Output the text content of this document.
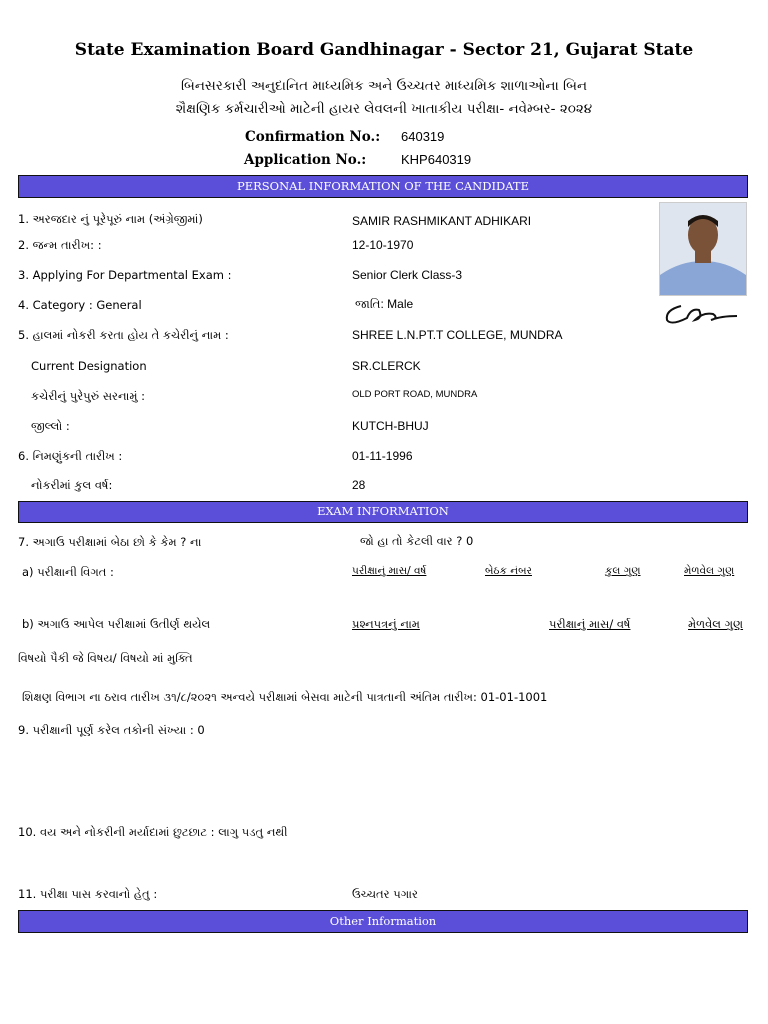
State Examination Board Gandhinagar - Sector 21, Gujarat State
બિનસરકારી અનુદાનિત માધ્યમિક અને ઉચ્ચતર માધ્યમિક શાળાઓના બિન
શૈક્ષણિક કર્મચારીઓ માટેની હાયર લેવલની ખાતાકીય પરીક્ષા- નવેમ્બર- ૨૦૨૪
Confirmation No.: 640319
Application No.:	KHP640319
PERSONAL INFORMATION OF THE CANDIDATE
1. અરજદાર નું પૂરેપૂરું નામ (અંગ્રેજીમાં)	SAMIR RASHMIKANT ADHIKARI
2. જન્મ તારીખ: :	12-10-1970
3. Applying For Departmental Exam :	Senior Clerk Class-3
4. Category : General	જાતિ: Male
5. હાલમાં નોકરી કરતા હોય તે કચેરીનું નામ :	SHREE L.N.PT.T COLLEGE, MUNDRA
Current Designation	SR.CLERCK
કચેરીનું પુરેપુરું સરનામું :	OLD PORT ROAD, MUNDRA
જીલ્લો :	KUTCH-BHUJ
6. નિમણુંકની તારીખ :	01-11-1996
નોકરીમાં કુલ વર્ષ:	28
EXAM INFORMATION
7. અગાઉ પરીક્ષામાં બેઠા છો કે કેમ ? ના	જો હા તો કેટલી વાર ? 0
a) પરીક્ષાની વિગત :	પરીક્ષાનું માસ/ વર્ષ	બેઠક નંબર	કુલ ગુણ	મેળવેલ ગુણ
b) અગાઉ આપેલ પરીક્ષામાં ઉતીર્ણ થયેલ	પ્રશ્નપત્રનું નામ	પરીક્ષાનું માસ/ વર્ષ	મેળવેલ ગુણ
વિષયો પૈકી જે વિષય/ વિષયો માં મુક્તિ
શિક્ષણ વિભાગ ના ઠરાવ તારીખ ૩૧/૮/૨૦૨૧ અન્વયે પરીક્ષામાં બેસવા માટેની પાત્રતાની અંતિમ તારીખ: 01-01-1001
9. પરીક્ષાની પૂર્ણ કરેલ તકોની સંખ્યા : 0
10. વય અને નોકરીની મર્યાદામાં છુટછાટ : લાગુ પડતુ નથી
11. પરીક્ષા પાસ કરવાનો હેતુ :	ઉચ્ચતર પગાર
Other Information
